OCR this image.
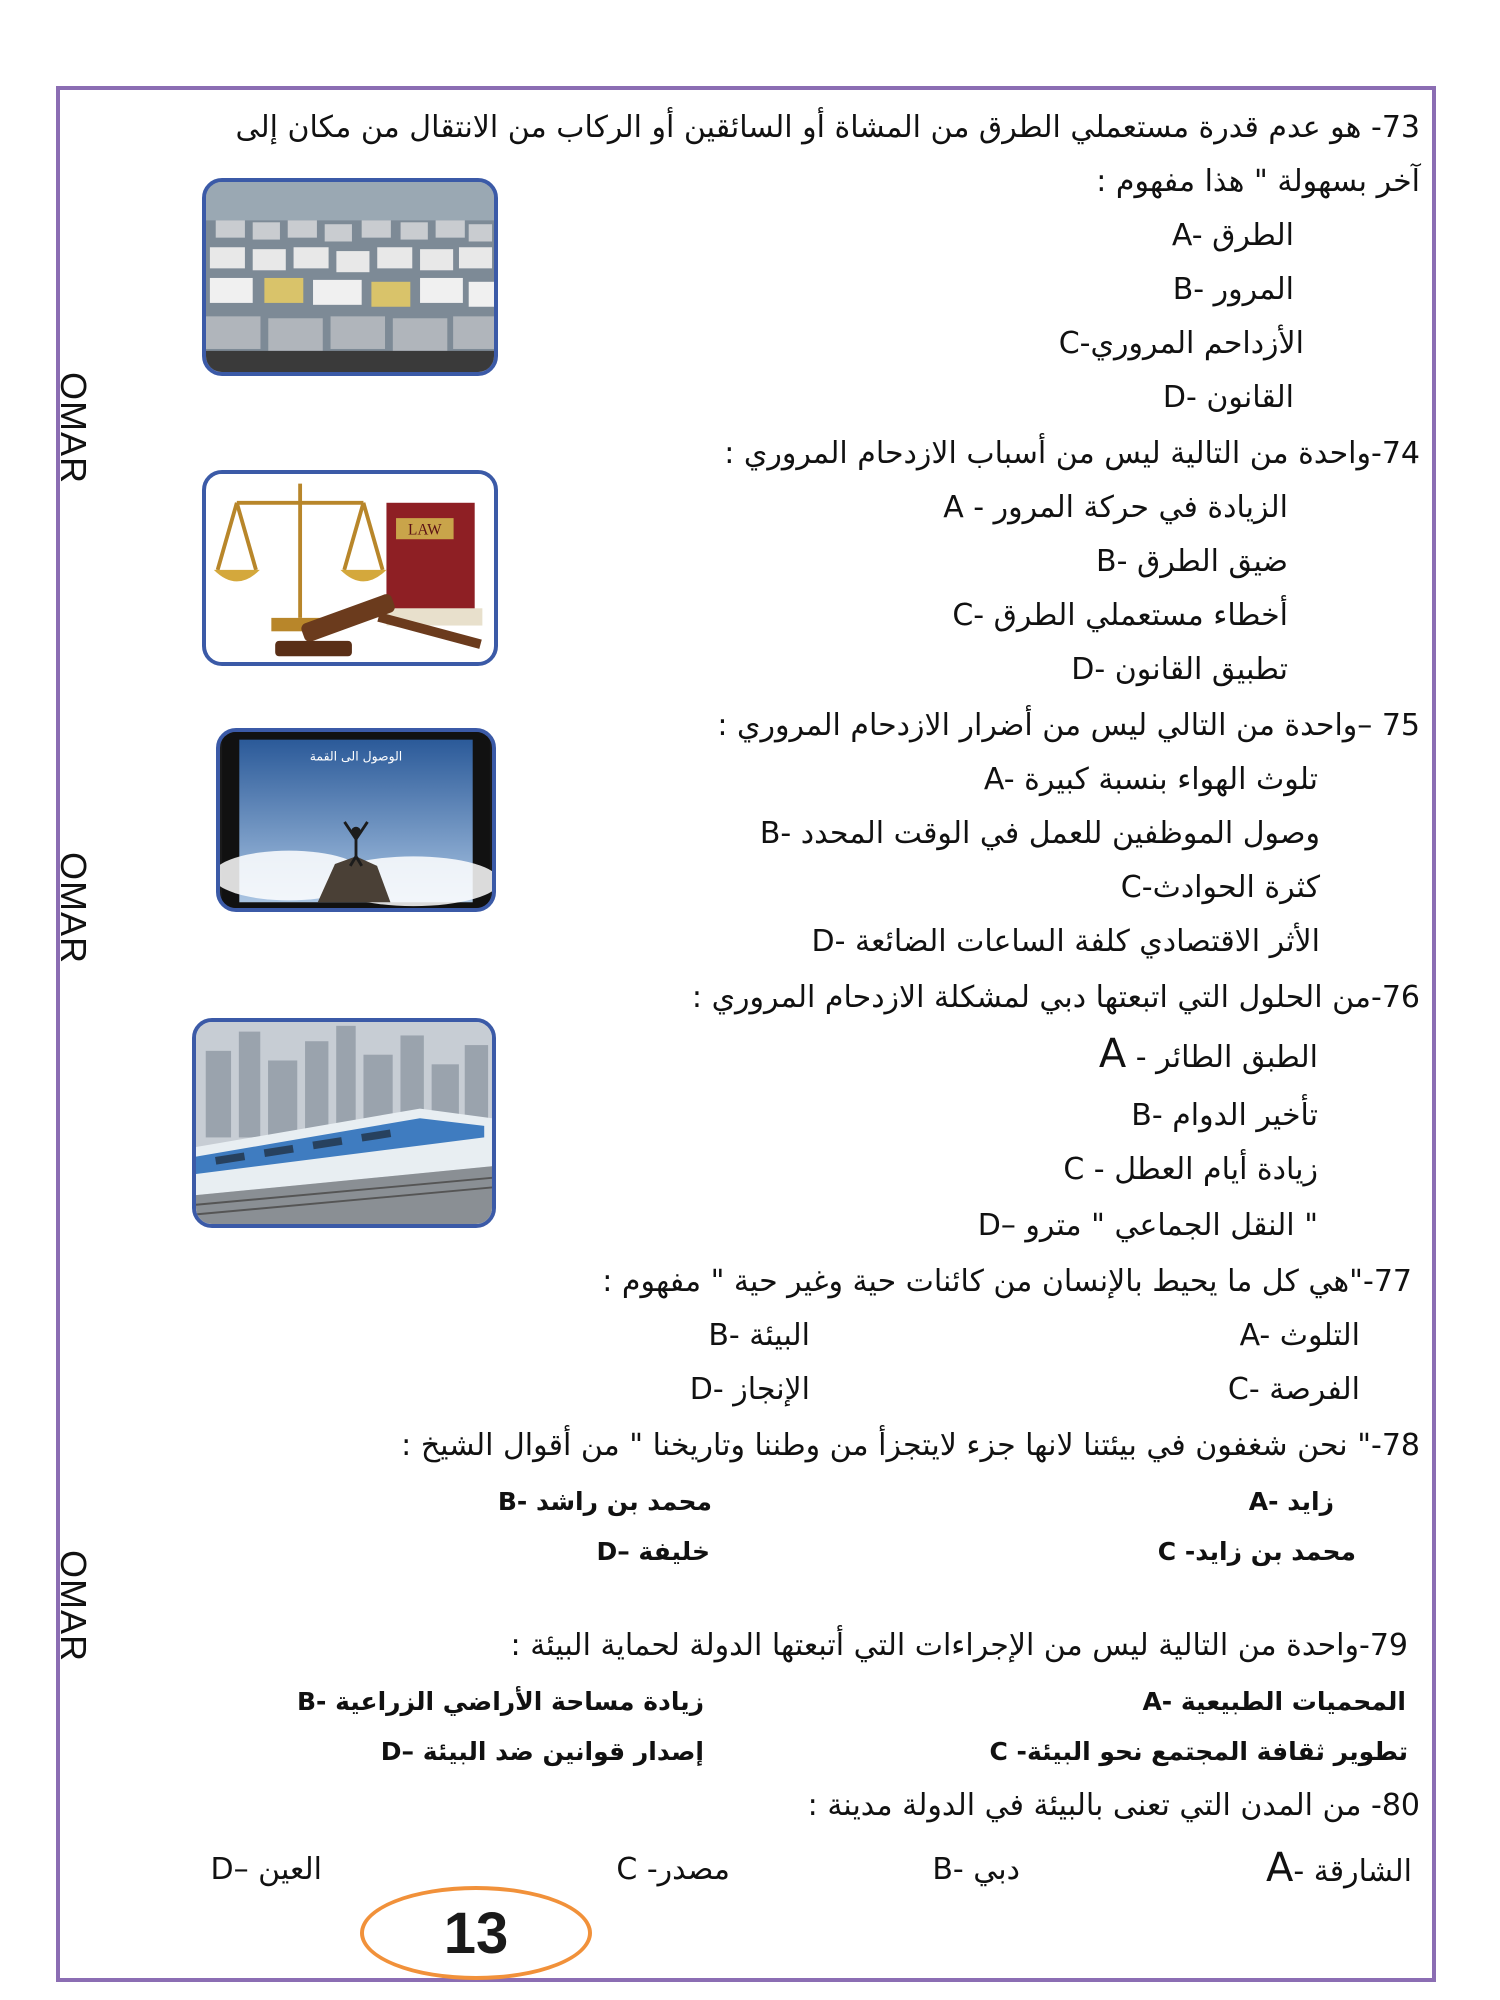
OMAR
OMAR
OMAR
73- هو عدم قدرة مستعملي الطرق من المشاة أو السائقين أو الركاب من الانتقال من مكان إلى
آخر بسهولة " هذا مفهوم :
A- الطرق
B- المرور
C-الأزداحم المروري
D- القانون
74-واحدة من التالية ليس من أسباب الازدحام المروري :
A - الزيادة في حركة المرور
B- ضيق الطرق
C- أخطاء مستعملي الطرق
D- تطبيق القانون
LAW
75 –واحدة من التالي ليس من أضرار الازدحام المروري :
A- تلوث الهواء بنسبة كبيرة
B- وصول الموظفين للعمل في الوقت المحدد
C-كثرة الحوادث
D- الأثر الاقتصادي كلفة الساعات الضائعة
الوصول الى القمة
76-من الحلول التي اتبعتها دبي لمشكلة الازدحام المروري :
A - الطبق الطائر
B- تأخير الدوام
C - زيادة أيام العطل
D– النقل الجماعي " مترو "
77-"هي كل ما يحيط بالإنسان من كائنات حية وغير حية " مفهوم :
A- التلوث
B- البيئة
C- الفرصة
D- الإنجاز
78-" نحن شغفون في بيئتنا لانها جزء لايتجزأ من وطننا وتاريخنا " من أقوال الشيخ :
A- زايد
B- محمد بن راشد
C -محمد بن زايد
D– خليفة
79-واحدة من التالية ليس من الإجراءات التي أتبعتها الدولة لحماية البيئة :
A- المحميات الطبيعية
B- زيادة مساحة الأراضي الزراعية
C -تطوير ثقافة المجتمع نحو البيئة
D– إصدار قوانين ضد البيئة
80- من المدن التي تعنى بالبيئة في الدولة مدينة :
A- الشارقة
B- دبي
C -مصدر
D– العين
13
